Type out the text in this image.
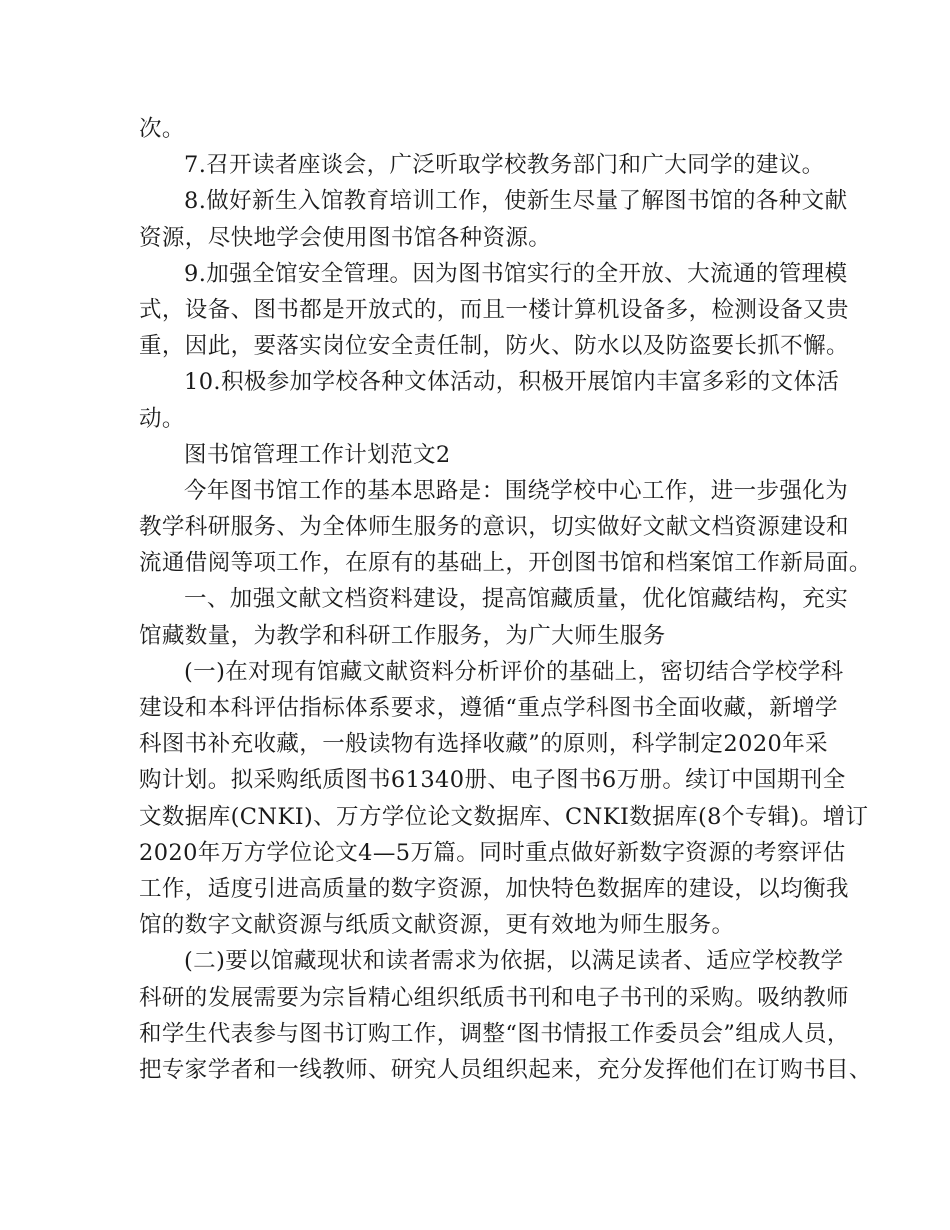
次。
7.召开读者座谈会，广泛听取学校教务部门和广大同学的建议。
8.做好新生入馆教育培训工作，使新生尽量了解图书馆的各种文献
资源，尽快地学会使用图书馆各种资源。
9.加强全馆安全管理。因为图书馆实行的全开放、大流通的管理模
式，设备、图书都是开放式的，而且一楼计算机设备多，检测设备又贵
重，因此，要落实岗位安全责任制，防火、防水以及防盗要长抓不懈。
10.积极参加学校各种文体活动，积极开展馆内丰富多彩的文体活
动。
图书馆管理工作计划范文2
今年图书馆工作的基本思路是：围绕学校中心工作，进一步强化为
教学科研服务、为全体师生服务的意识，切实做好文献文档资源建设和
流通借阅等项工作，在原有的基础上，开创图书馆和档案馆工作新局面。
一、加强文献文档资料建设，提高馆藏质量，优化馆藏结构，充实
馆藏数量，为教学和科研工作服务，为广大师生服务
(一)在对现有馆藏文献资料分析评价的基础上，密切结合学校学科
建设和本科评估指标体系要求，遵循“重点学科图书全面收藏，新增学
科图书补充收藏，一般读物有选择收藏”的原则，科学制定2020年采
购计划。拟采购纸质图书61340册、电子图书6万册。续订中国期刊全
文数据库(CNKI)、万方学位论文数据库、CNKI数据库(8个专辑)。增订
2020年万方学位论文4—5万篇。同时重点做好新数字资源的考察评估
工作，适度引进高质量的数字资源，加快特色数据库的建设，以均衡我
馆的数字文献资源与纸质文献资源，更有效地为师生服务。
(二)要以馆藏现状和读者需求为依据，以满足读者、适应学校教学
科研的发展需要为宗旨精心组织纸质书刊和电子书刊的采购。吸纳教师
和学生代表参与图书订购工作，调整“图书情报工作委员会”组成人员，
把专家学者和一线教师、研究人员组织起来，充分发挥他们在订购书目、
